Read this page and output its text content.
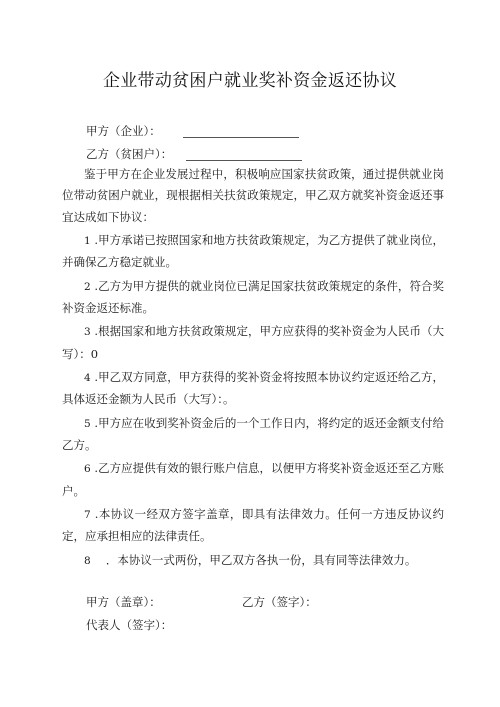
企业带动贫困户就业奖补资金返还协议
甲方（企业）：
乙方（贫困户）：

鉴于甲方在企业发展过程中，积极响应国家扶贫政策，通过提供就业岗位带动贫困户就业，现根据相关扶贫政策规定，甲乙双方就奖补资金返还事宜达成如下协议：

1 .甲方承诺已按照国家和地方扶贫政策规定，为乙方提供了就业岗位，并确保乙方稳定就业。

2 .乙方为甲方提供的就业岗位已满足国家扶贫政策规定的条件，符合奖补资金返还标准。

3 .根据国家和地方扶贫政策规定，甲方应获得的奖补资金为人民币（大写）：0

4 .甲乙双方同意，甲方获得的奖补资金将按照本协议约定返还给乙方，具体返还金额为人民币（大写）：。

5 .甲方应在收到奖补资金后的一个工作日内，将约定的返还金额支付给乙方。

6 .乙方应提供有效的银行账户信息，以便甲方将奖补资金返还至乙方账户。

7 .本协议一经双方签字盖章，即具有法律效力。任何一方违反协议约定，应承担相应的法律责任。

8 　．本协议一式两份，甲乙双方各执一份，具有同等法律效力。

甲方（盖章）：	乙方（签字）：
代表人（签字）：
